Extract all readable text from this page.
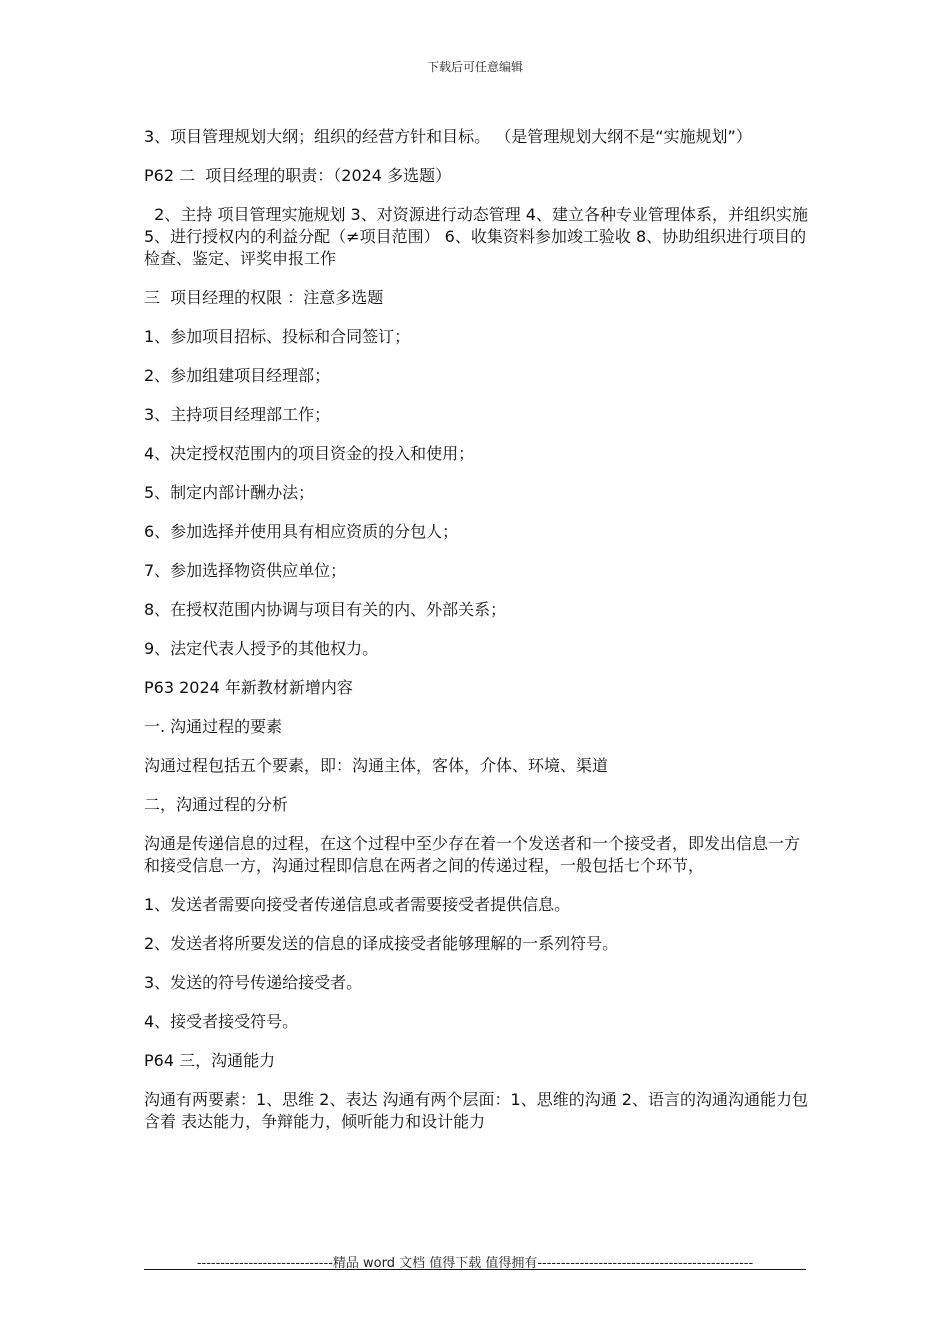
下载后可任意编辑

3、项目管理规划大纲；组织的经营方针和目标。 （是管理规划大纲不是“实施规划”）

P62 二  项目经理的职责：（2024 多选题）

2、主持 项目管理实施规划 3、对资源进行动态管理 4、建立各种专业管理体系，并组织实施 5、进行授权内的利益分配（≠项目范围） 6、收集资料参加竣工验收 8、协助组织进行项目的检查、鉴定、评奖申报工作

三  项目经理的权限 ：注意多选题

1、参加项目招标、投标和合同签订；

2、参加组建项目经理部；

3、主持项目经理部工作；

4、决定授权范围内的项目资金的投入和使用；

5、制定内部计酬办法；

6、参加选择并使用具有相应资质的分包人；

7、参加选择物资供应单位；

8、在授权范围内协调与项目有关的内、外部关系；

9、法定代表人授予的其他权力。

P63 2024 年新教材新增内容

一. 沟通过程的要素

沟通过程包括五个要素，即：沟通主体，客体，介体、环境、渠道

二，沟通过程的分析

沟通是传递信息的过程，在这个过程中至少存在着一个发送者和一个接受者，即发出信息一方和接受信息一方，沟通过程即信息在两者之间的传递过程，一般包括七个环节，

1、发送者需要向接受者传递信息或者需要接受者提供信息。

2、发送者将所要发送的信息的译成接受者能够理解的一系列符号。

3、发送的符号传递给接受者。

4、接受者接受符号。

P64 三，沟通能力

沟通有两要素：1、思维 2、表达 沟通有两个层面：1、思维的沟通 2、语言的沟通沟通能力包含着 表达能力，争辩能力，倾听能力和设计能力

-----------------------------精品 word 文档 值得下载 值得拥有----------------------------------------------
